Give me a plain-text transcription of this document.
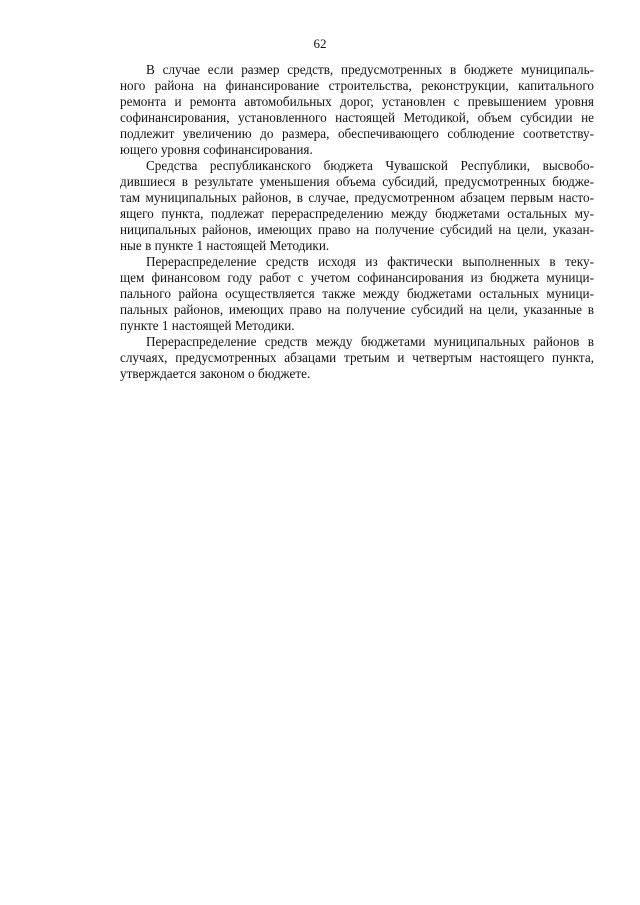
62
В случае если размер средств, предусмотренных в бюджете муниципаль-
ного района на финансирование строительства, реконструкции, капитального
ремонта и ремонта автомобильных дорог, установлен с превышением уровня
софинансирования, установленного настоящей Методикой, объем субсидии не
подлежит увеличению до размера, обеспечивающего соблюдение соответству-
ющего уровня софинансирования.
Средства республиканского бюджета Чувашской Республики, высвобо-
дившиеся в результате уменьшения объема субсидий, предусмотренных бюдже-
там муниципальных районов, в случае, предусмотренном абзацем первым насто-
ящего пункта, подлежат перераспределению между бюджетами остальных му-
ниципальных районов, имеющих право на получение субсидий на цели, указан-
ные в пункте 1 настоящей Методики.
Перераспределение средств исходя из фактически выполненных в теку-
щем финансовом году работ с учетом софинансирования из бюджета муници-
пального района осуществляется также между бюджетами остальных муници-
пальных районов, имеющих право на получение субсидий на цели, указанные в
пункте 1 настоящей Методики.
Перераспределение средств между бюджетами муниципальных районов в
случаях, предусмотренных абзацами третьим и четвертым настоящего пункта,
утверждается законом о бюджете.
